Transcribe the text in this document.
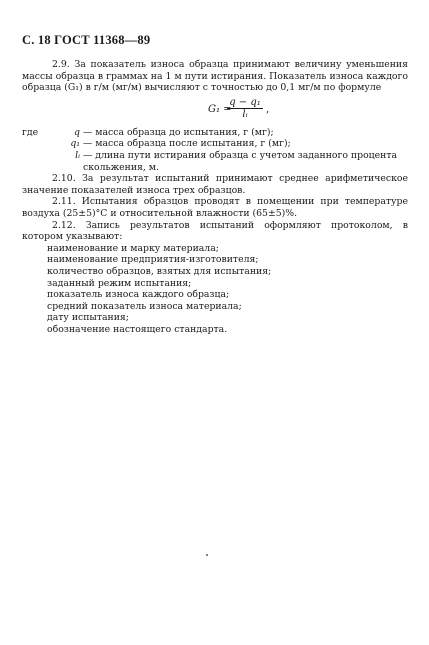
С. 18 ГОСТ 11368—89

2.9. За показатель износа образца принимают величину уменьшения массы образца в граммах на 1 м пути истирания. Показатель износа каждого образца (G₁) в г/м (мг/м) вычисляют с точностью до 0,1 мг/м по формуле

G₁ =
$\frac{\text{q − q₁}}{\text{lᵢ}}$ ,
где	q — масса образца до испытания, г (мг);
q₁ — масса образца после испытания, г (мг);
lᵢ — длина пути истирания образца с учетом заданного процента скольжения, м.

2.10. За результат испытаний принимают среднее арифметическое значение показателей износа трех образцов.

2.11. Испытания образцов проводят в помещении при температуре воздуха (25±5)°С и относительной влажности (65±5)%.

2.12. Запись результатов испытаний оформляют протоколом, в котором указывают:

наименование и марку материала;

наименование предприятия-изготовителя;

количество образцов, взятых для испытания;

заданный режим испытания;

показатель износа каждого образца;

средний показатель износа материала;

дату испытания;

обозначение настоящего стандарта.
